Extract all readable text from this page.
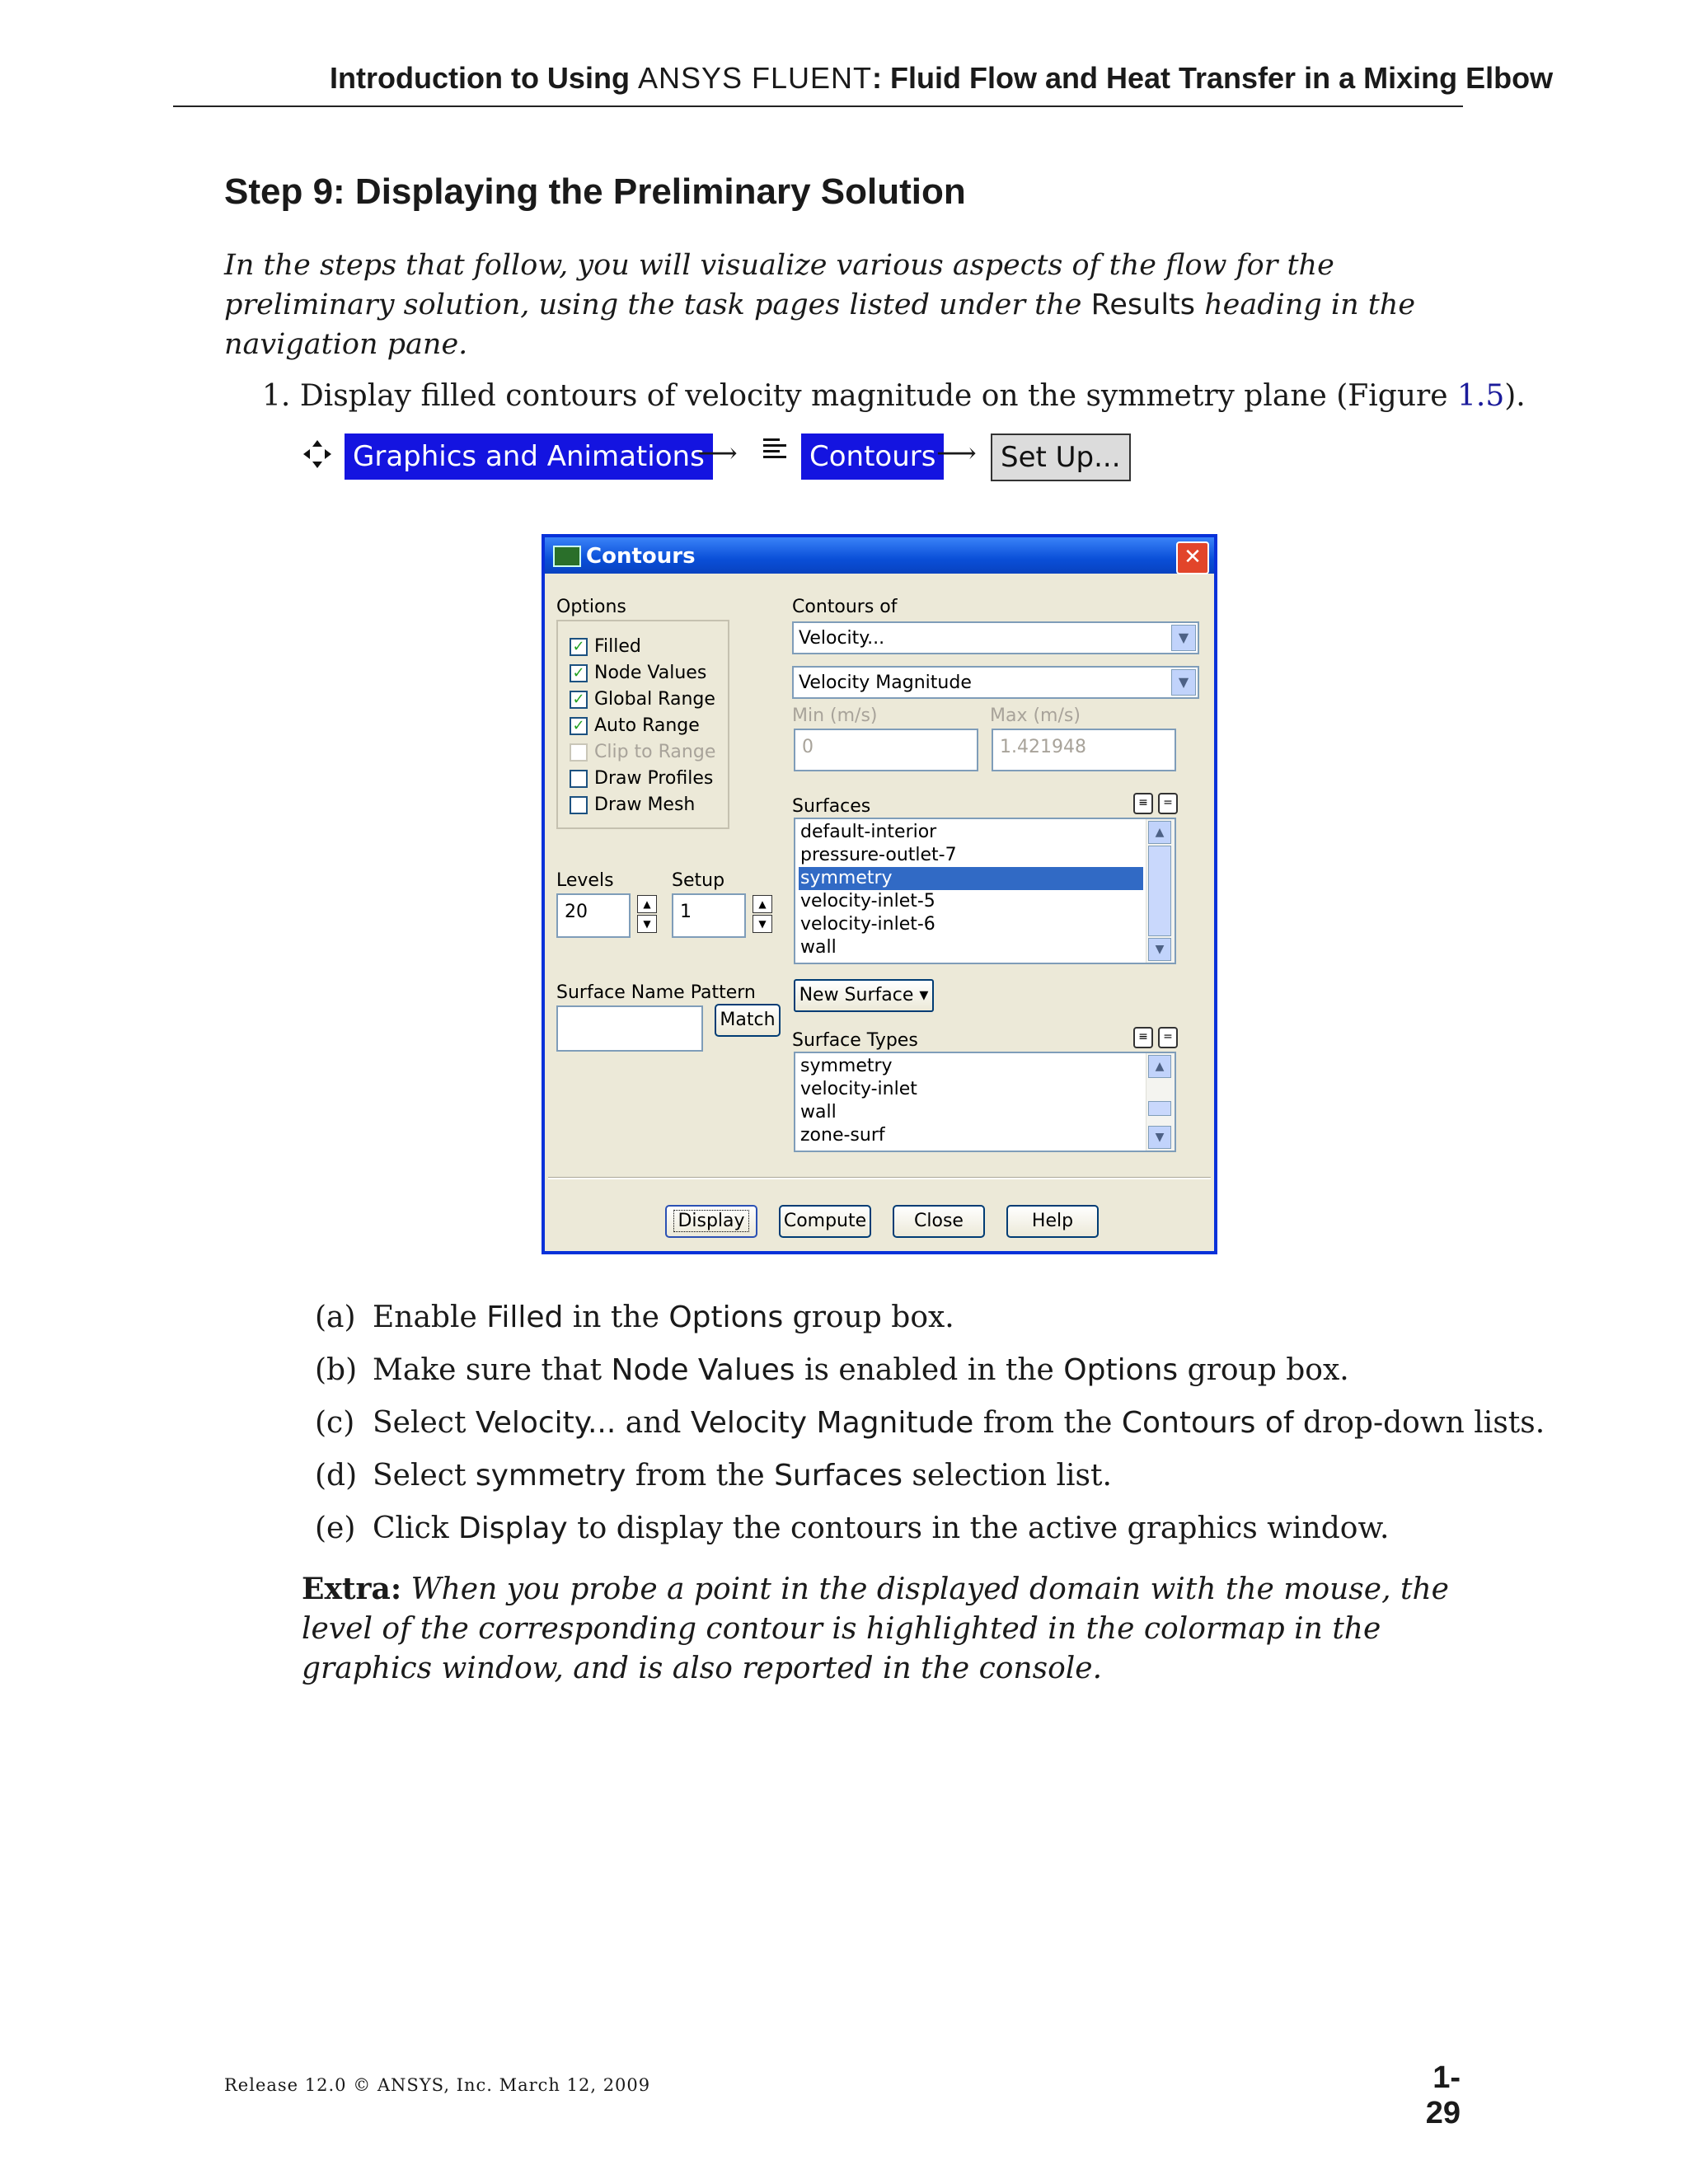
Introduction to Using ANSYS FLUENT: Fluid Flow and Heat Transfer in a Mixing Elbow
Step 9: Displaying the Preliminary Solution
In the steps that follow, you will visualize various aspects of the flow for the preliminary solution, using the task pages listed under the Results heading in the navigation pane.
1. Display filled contours of velocity magnitude on the symmetry plane (Figure 1.5).
Graphics and Animations
⟶	Contours ⟶ Set Up...
Contours	✕
Options	Contours of
Velocity...	▼
Velocity Magnitude	▼
Min (m/s)	Max (m/s)
0	1.421948
Surfaces	≡	=
default-interior
pressure-outlet-7
symmetry
velocity-inlet-5
velocity-inlet-6
wall
▲
▼
Levels	Setup
20	▲
▼
1	▲
▼
Surface Name Pattern
Match
New Surface ▾
Surface Types	≡	=
symmetry
velocity-inlet
wall
zone-surf
▲
▼
Display	Compute	Close	Help
✓ Filled
✓ Node Values
✓ Global Range
✓ Auto Range
Clip to Range
Draw Profiles
Draw Mesh
(a) Enable Filled in the Options group box.
(b) Make sure that Node Values is enabled in the Options group box.
(c) Select Velocity... and Velocity Magnitude from the Contours of drop-down lists.
(d) Select symmetry from the Surfaces selection list.
(e) Click Display to display the contours in the active graphics window.
Extra: When you probe a point in the displayed domain with the mouse, the level of the corresponding contour is highlighted in the colormap in the graphics window, and is also reported in the console.
Release 12.0 © ANSYS, Inc. March 12, 2009	1-29
